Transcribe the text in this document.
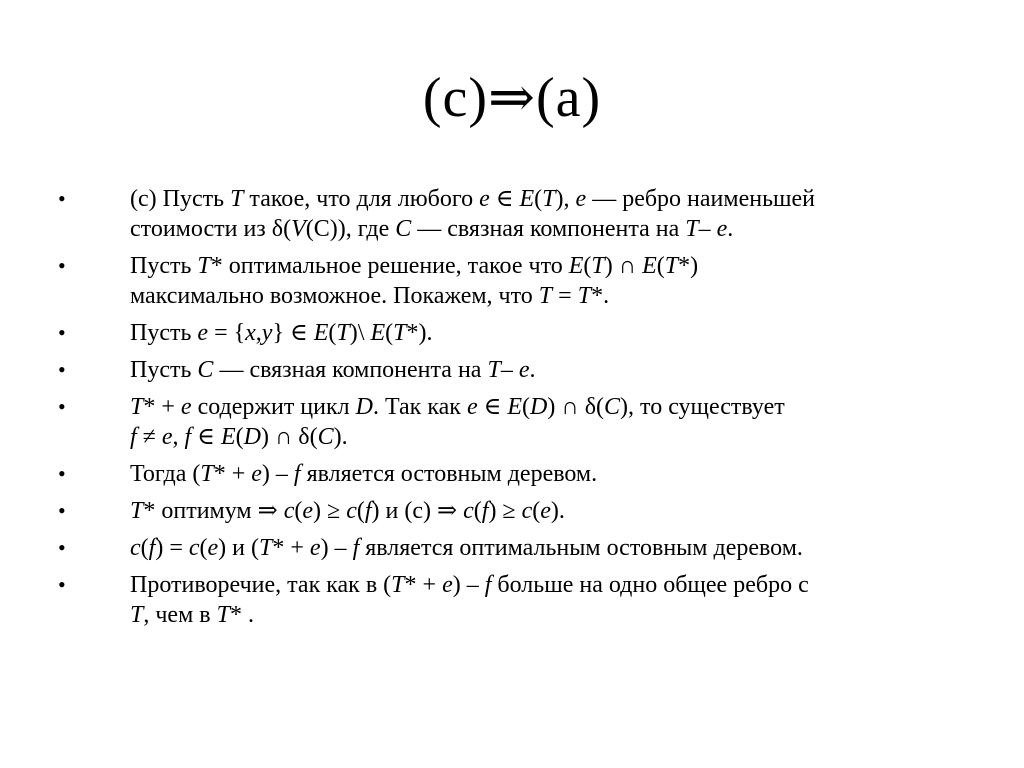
(c)⇒(a)
•	(c) Пусть T такое, что для любого e ∈ E(T), e — ребро наименьшей
стоимости из δ(V(C)), где C — связная компонента на T– e.
•	Пусть T* оптимальное решение, такое что E(T) ∩ E(T*)
максимально возможное. Покажем, что T = T*.
•	Пусть e = {x,y} ∈ E(T)\ E(T*).
•	Пусть C — связная компонента на T– e.
•	T* + e содержит цикл D. Так как e ∈ E(D) ∩ δ(C), то существует
f ≠ e, f ∈ E(D) ∩ δ(C).
•	Тогда (T* + e) – f является остовным деревом.
•	T* оптимум ⇒ c(e) ≥ c(f) и (c) ⇒ c(f) ≥ c(e).
•	c(f) = c(e) и (T* + e) – f является оптимальным остовным деревом.
•	Противоречие, так как в (T* + e) – f больше на одно общее ребро с
T, чем в T* .
